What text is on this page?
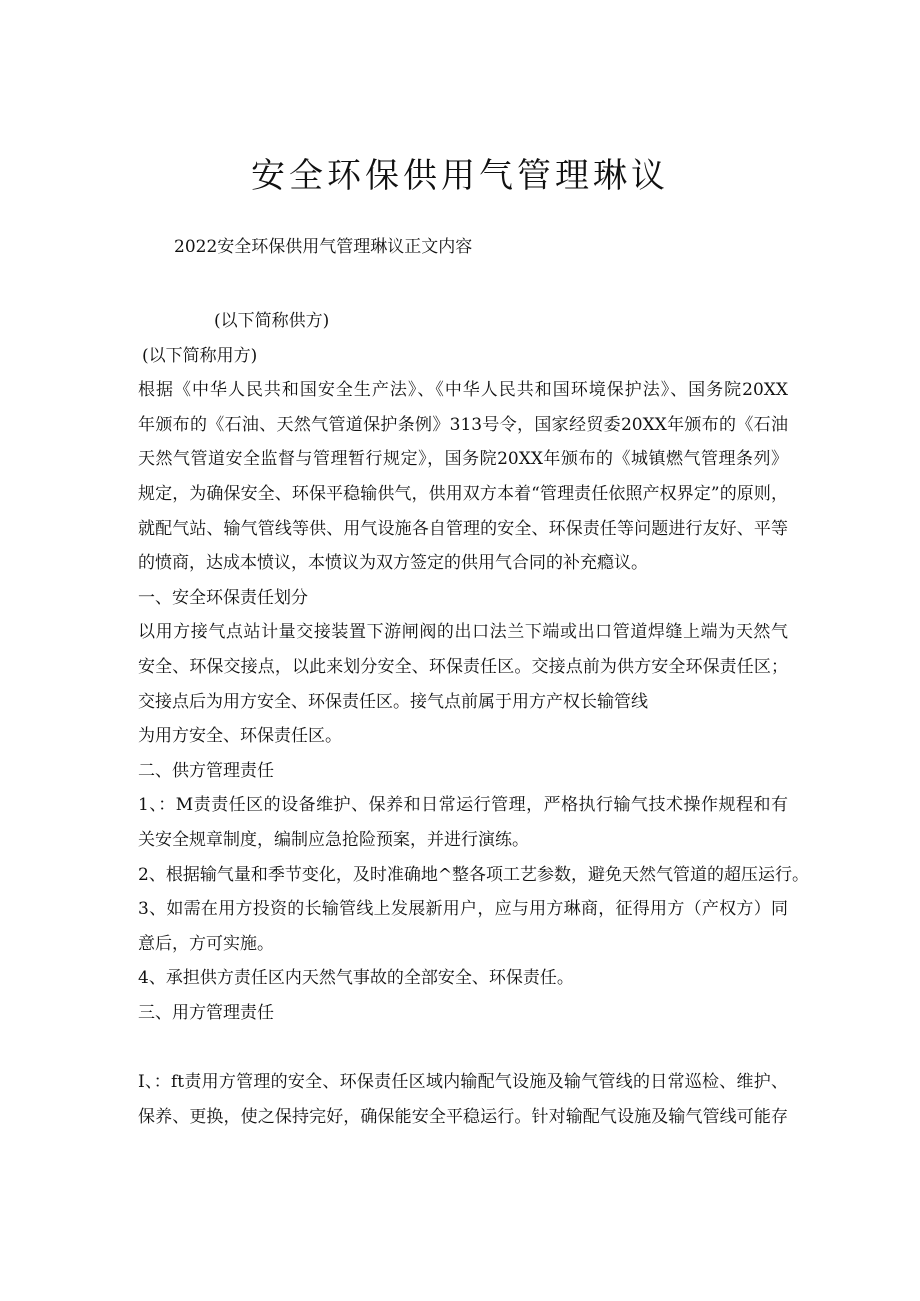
安全环保供用气管理琳议

2022安全环保供用气管理琳议正文内容

(以下简称供方)

(以下简称用方)

根据《中华人民共和国安全生产法》、《中华人民共和国环境保护法》、国务院20XX

年颁布的《石油、天然气管道保护条例》313号令，国家经贸委20XX年颁布的《石油

天然气管道安全监督与管理暂行规定》，国务院20XX年颁布的《城镇燃气管理条列》

规定，为确保安全、环保平稳输供气，供用双方本着“管理责任依照产权界定”的原则，

就配气站、输气管线等供、用气设施各自管理的安全、环保责任等问题进行友好、平等

的愤商，达成本愤议，本愤议为双方签定的供用气合同的补充瘾议。

一、安全环保责任划分

以用方接气点站计量交接装置下游闸阀的出口法兰下端或出口管道焊缝上端为天然气

安全、环保交接点，以此来划分安全、环保责任区。交接点前为供方安全环保责任区；

交接点后为用方安全、环保责任区。接气点前属于用方产权长输管线

为用方安全、环保责任区。

二、供方管理责任

1、：M责责任区的设备维护、保养和日常运行管理，严格执行输气技术操作规程和有

关安全规章制度，编制应急抢险预案，并进行演练。

2、根据输气量和季节变化，及时准确地^整各项工艺参数，避免天然气管道的超压运行。

3、如需在用方投资的长输管线上发展新用户，应与用方琳商，征得用方（产权方）同

意后，方可实施。

4、承担供方责任区内天然气事故的全部安全、环保责任。

三、用方管理责任

I、：ft责用方管理的安全、环保责任区域内输配气设施及输气管线的日常巡检、维护、

保养、更换，使之保持完好，确保能安全平稳运行。针对输配气设施及输气管线可能存
